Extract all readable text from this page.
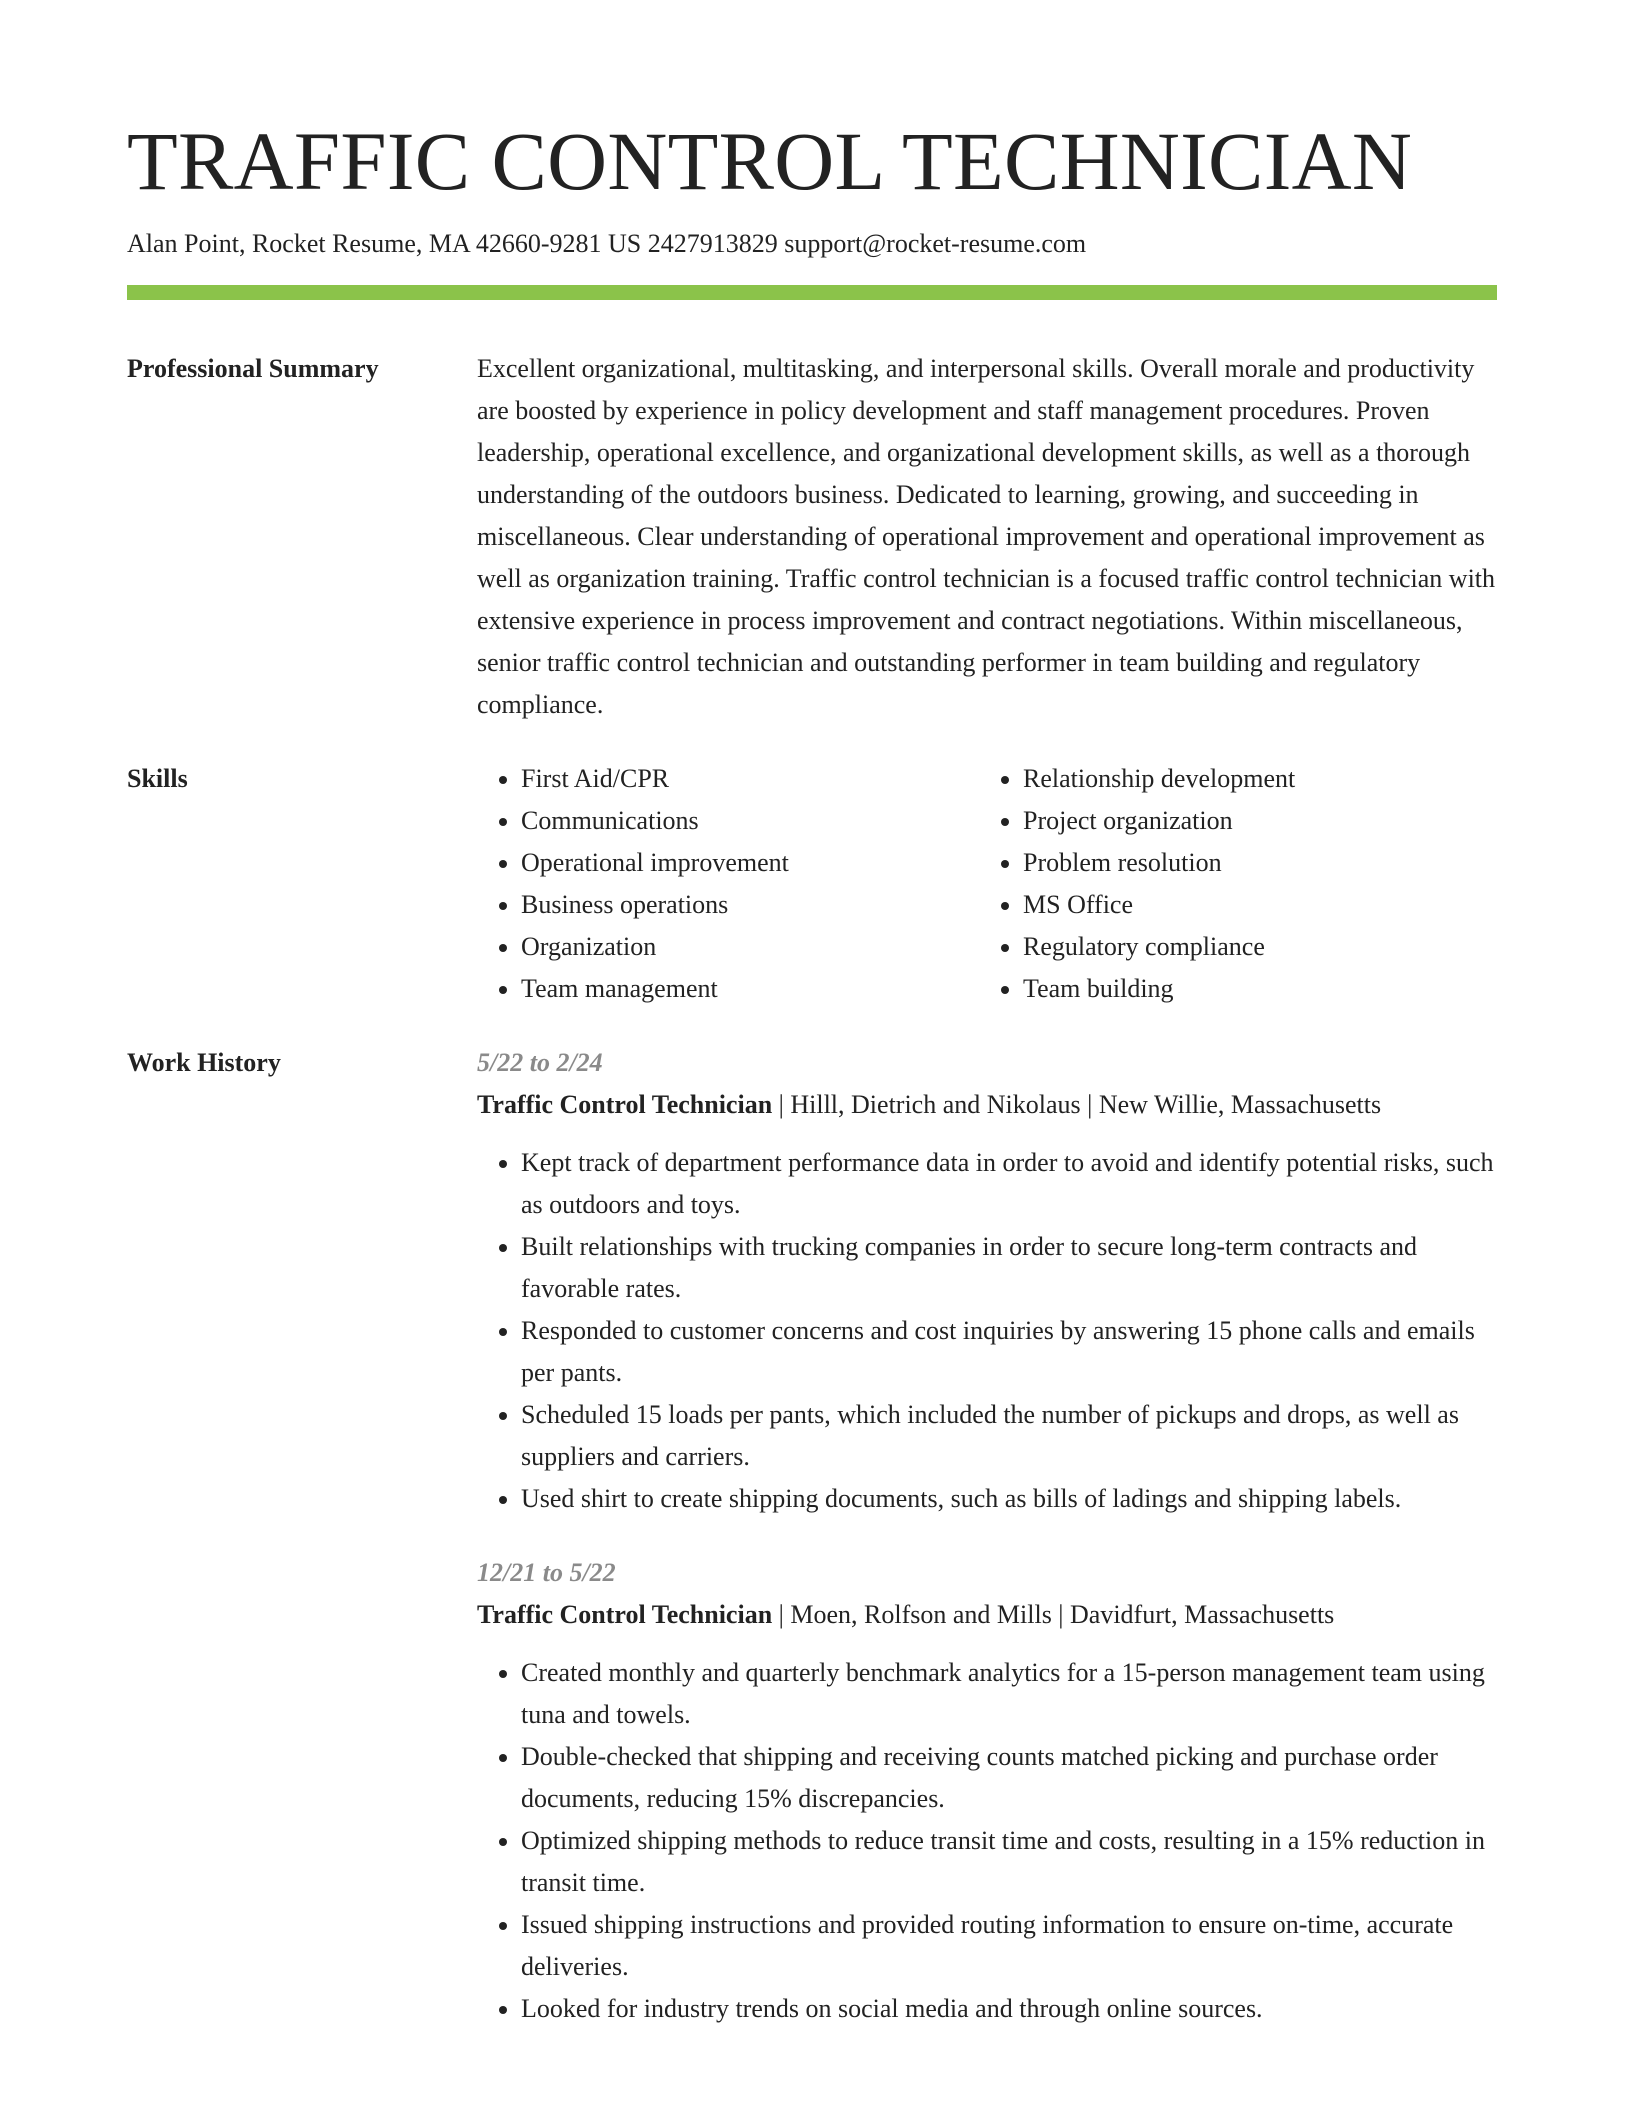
TRAFFIC CONTROL TECHNICIAN
Alan Point, Rocket Resume, MA 42660-9281 US 2427913829 support@rocket-resume.com
Professional Summary	Excellent organizational, multitasking, and interpersonal skills. Overall morale and productivity are boosted by experience in policy development and staff management procedures. Proven leadership, operational excellence, and organizational development skills, as well as a thorough understanding of the outdoors business. Dedicated to learning, growing, and succeeding in miscellaneous. Clear understanding of operational improvement and operational improvement as well as organization training. Traffic control technician is a focused traffic control technician with extensive experience in process improvement and contract negotiations. Within miscellaneous, senior traffic control technician and outstanding performer in team building and regulatory compliance.
Skills
•	First Aid/CPR
• Communications
• Operational improvement
• Business operations
• Organization
• Team management
• Relationship development
• Project organization
• Problem resolution
• MS Office
• Regulatory compliance
• Team building
Work History	5/22 to 2/24
Traffic Control Technician | Hilll, Dietrich and Nikolaus | New Willie, Massachusetts
• Kept track of department performance data in order to avoid and identify potential risks, such as outdoors and toys.
• Built relationships with trucking companies in order to secure long-term contracts and favorable rates.
• Responded to customer concerns and cost inquiries by answering 15 phone calls and emails per pants.
• Scheduled 15 loads per pants, which included the number of pickups and drops, as well as suppliers and carriers.
• Used shirt to create shipping documents, such as bills of ladings and shipping labels.
12/21 to 5/22
Traffic Control Technician | Moen, Rolfson and Mills | Davidfurt, Massachusetts
• Created monthly and quarterly benchmark analytics for a 15-person management team using tuna and towels.
• Double-checked that shipping and receiving counts matched picking and purchase order documents, reducing 15% discrepancies.
• Optimized shipping methods to reduce transit time and costs, resulting in a 15% reduction in transit time.
• Issued shipping instructions and provided routing information to ensure on-time, accurate deliveries.
• Looked for industry trends on social media and through online sources.
